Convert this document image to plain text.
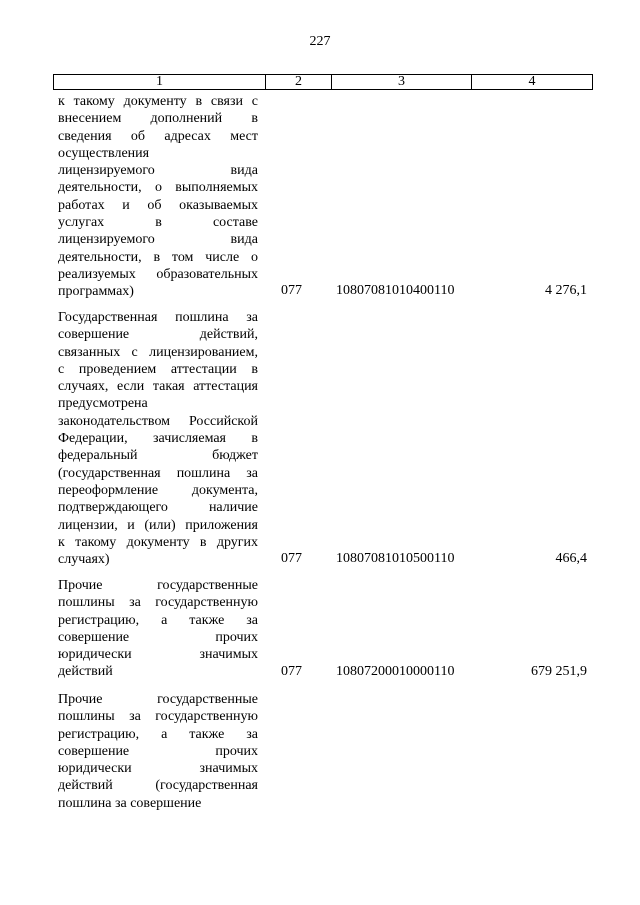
227
1	2	3	4
к такому документу в связи с
внесением дополнений в
сведения об адресах мест
осуществления
лицензируемого вида
деятельности, о выполняемых
работах и об оказываемых
услугах в составе
лицензируемого вида
деятельности, в том числе о
реализуемых образовательных
программах)	077 10807081010400110	4 276,1
Государственная пошлина за
совершение действий,
связанных с лицензированием,
с проведением аттестации в
случаях, если такая аттестация
предусмотрена
законодательством Российской
Федерации, зачисляемая в
федеральный бюджет
(государственная пошлина за
переоформление документа,
подтверждающего наличие
лицензии, и (или) приложения
к такому документу в других
случаях)	077 10807081010500110	466,4
Прочие государственные
пошлины за государственную
регистрацию, а также за
совершение прочих
юридически значимых
действий	077 10807200010000110	679 251,9
Прочие государственные
пошлины за государственную
регистрацию, а также за
совершение прочих
юридически значимых
действий (государственная
пошлина за совершение
